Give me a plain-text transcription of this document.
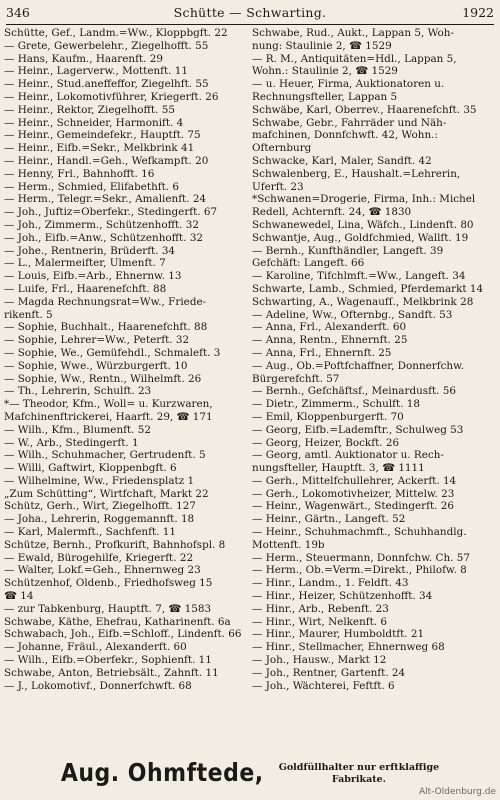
346	Schütte — Schwarting.	1922
Schütte, Gef., Landm.=Ww., Kloppbgft. 22
— Grete, Gewerbelehr., Ziegelhofft. 55
— Hans, Kaufm., Haarenft. 29
— Heinr., Lagerverw., Mottenft. 11
— Heinr., Stud.aneffeffor, Ziegelhft. 55
— Heinr., Lokomotivführer, Kriegerft. 26
— Heinr., Rektor, Ziegelhofft. 55
— Heinr., Schneider, Harmonift. 4
— Heinr., Gemeindefekr., Hauptft. 75
— Heinr., Eifb.=Sekr., Melkbrink 41
— Heinr., Handl.=Geh., Wefkampft. 20
— Henny, Frl., Bahnhofft. 16
— Herm., Schmied, Elifabethft. 6
— Herm., Telegr.=Sekr., Amalienft. 24
— Joh., Juftiz=Oberfekr., Stedingerft. 67
— Joh., Zimmerm., Schützenhofft. 32
— Joh., Eifb.=Anw., Schützenhofft. 32
— Johe., Rentnerin, Brüderft. 34
— L., Malermeifter, Ulmenft. 7
— Louis, Eifb.=Arb., Ehnernw. 13
— Luife, Frl., Haarenefchft. 88
— Magda Rechnungsrat=Ww., Friede-
rikenft. 5
— Sophie, Buchhalt., Haarenefchft. 88
— Sophie, Lehrer=Ww., Peterft. 32
— Sophie, We., Gemüfehdl., Schmaleft. 3
— Sophie, Wwe., Würzburgerft. 10
— Sophie, Ww., Rentn., Wilhelmft. 26
— Th., Lehrerin, Schulft. 23
*— Theodor, Kfm., Woll= u. Kurzwaren,
Mafchinenftrickerei, Haarft. 29, ☎ 171
— Wilh., Kfm., Blumenft. 52
— W., Arb., Stedingerft. 1
— Wilh., Schuhmacher, Gertrudenft. 5
— Willi, Gaftwirt, Kloppenbgft. 6
— Wilhelmine, Ww., Friedensplatz 1
„Zum Schütting“, Wirtfchaft, Markt 22
Schütz, Gerh., Wirt, Ziegelhofft. 127
— Joha., Lehrerin, Roggemannft. 18
— Karl, Malermft., Sachfenft. 11
Schütze, Bernh., Profkurift, Bahnhofspl. 8
— Ewald, Bürogehilfe, Kriegerft. 22
— Walter, Lokf.=Geh., Ehnernweg 23
Schützenhof, Oldenb., Friedhofsweg 15
☎ 14
— zur Tabkenburg, Hauptft. 7, ☎ 1583
Schwabe, Käthe, Ehefrau, Katharinenft. 6a
Schwabach, Joh., Eifb.=Schloff., Lindenft. 66
— Johanne, Fräul., Alexanderft. 60
— Wilh., Eifb.=Oberfekr., Sophienft. 11
Schwabe, Anton, Betriebsält., Zahnft. 11
— J., Lokomotivf., Donnerfchwft. 68
Schwabe, Rud., Aukt., Lappan 5, Woh-
nung: Staulinie 2, ☎ 1529
— R. M., Antiquitäten=Hdl., Lappan 5,
Wohn.: Staulinie 2, ☎ 1529
— u. Heuer, Firma, Auktionatoren u.
Rechnungsfteller, Lappan 5
Schwäbe, Karl, Oberrev., Haarenefchft. 35
Schwabe, Gebr., Fahrräder und Näh-
mafchinen, Donnfchwft. 42, Wohn.:
Ofternburg
Schwacke, Karl, Maler, Sandft. 42
Schwalenberg, E., Haushalt.=Lehrerin,
Uferft. 23
*Schwanen=Drogerie, Firma, Inh.: Michel
Redell, Achternft. 24, ☎ 1830
Schwanewedel, Lina, Wäfch., Lindenft. 80
Schwantje, Aug., Goldfchmied, Wallft. 19
— Bernh., Kunfthändler, Langeft. 39
Gefchäft: Langeft. 66
— Karoline, Tifchlmft.=Ww., Langeft. 34
Schwarte, Lamb., Schmied, Pferdemarkt 14
Schwarting, A., Wagenaufſ., Melkbrink 28
— Adeline, Ww., Ofternbg., Sandft. 53
— Anna, Frl., Alexanderft. 60
— Anna, Rentn., Ehnernft. 25
— Anna, Frl., Ehnernft. 25
— Aug., Ob.=Poftfchaffner, Donnerfchw.
Bürgerefchft. 57
— Bernh., Gefchäftsf., Meinardusft. 56
— Dietr., Zimmerm., Schulft. 18
— Emil, Kloppenburgerft. 70
— Georg, Eifb.=Lademftr., Schulweg 53
— Georg, Heizer, Bockft. 26
— Georg, amtl. Auktionator u. Rech-
nungsfteller, Hauptft. 3, ☎ 1111
— Gerh., Mittelfchullehrer, Ackerft. 14
— Gerh., Lokomotivheizer, Mittelw. 23
— Heinr., Wagenwärt., Stedingerft. 26
— Heinr., Gärtn., Langeft. 52
— Heinr., Schuhmachmft., Schuhhandlg.
Mottenft. 19b
— Herm., Steuermann, Donnfchw. Ch. 57
— Herm., Ob.=Verm.=Direkt., Philofw. 8
— Hinr., Landm., 1. Feldft. 43
— Hinr., Heizer, Schützenhofft. 34
— Hinr., Arb., Rebenft. 23
— Hinr., Wirt, Nelkenft. 6
— Hinr., Maurer, Humboldtft. 21
— Hinr., Stellmacher, Ehnernweg 68
— Joh., Hausw., Markt 12
— Joh., Rentner, Gartenft. 24
— Joh., Wächterei, Feftft. 6
Aug. Ohmftede, Goldfüllhalter nur erftklaffige
Fabrikate.
Alt-Oldenburg.de
